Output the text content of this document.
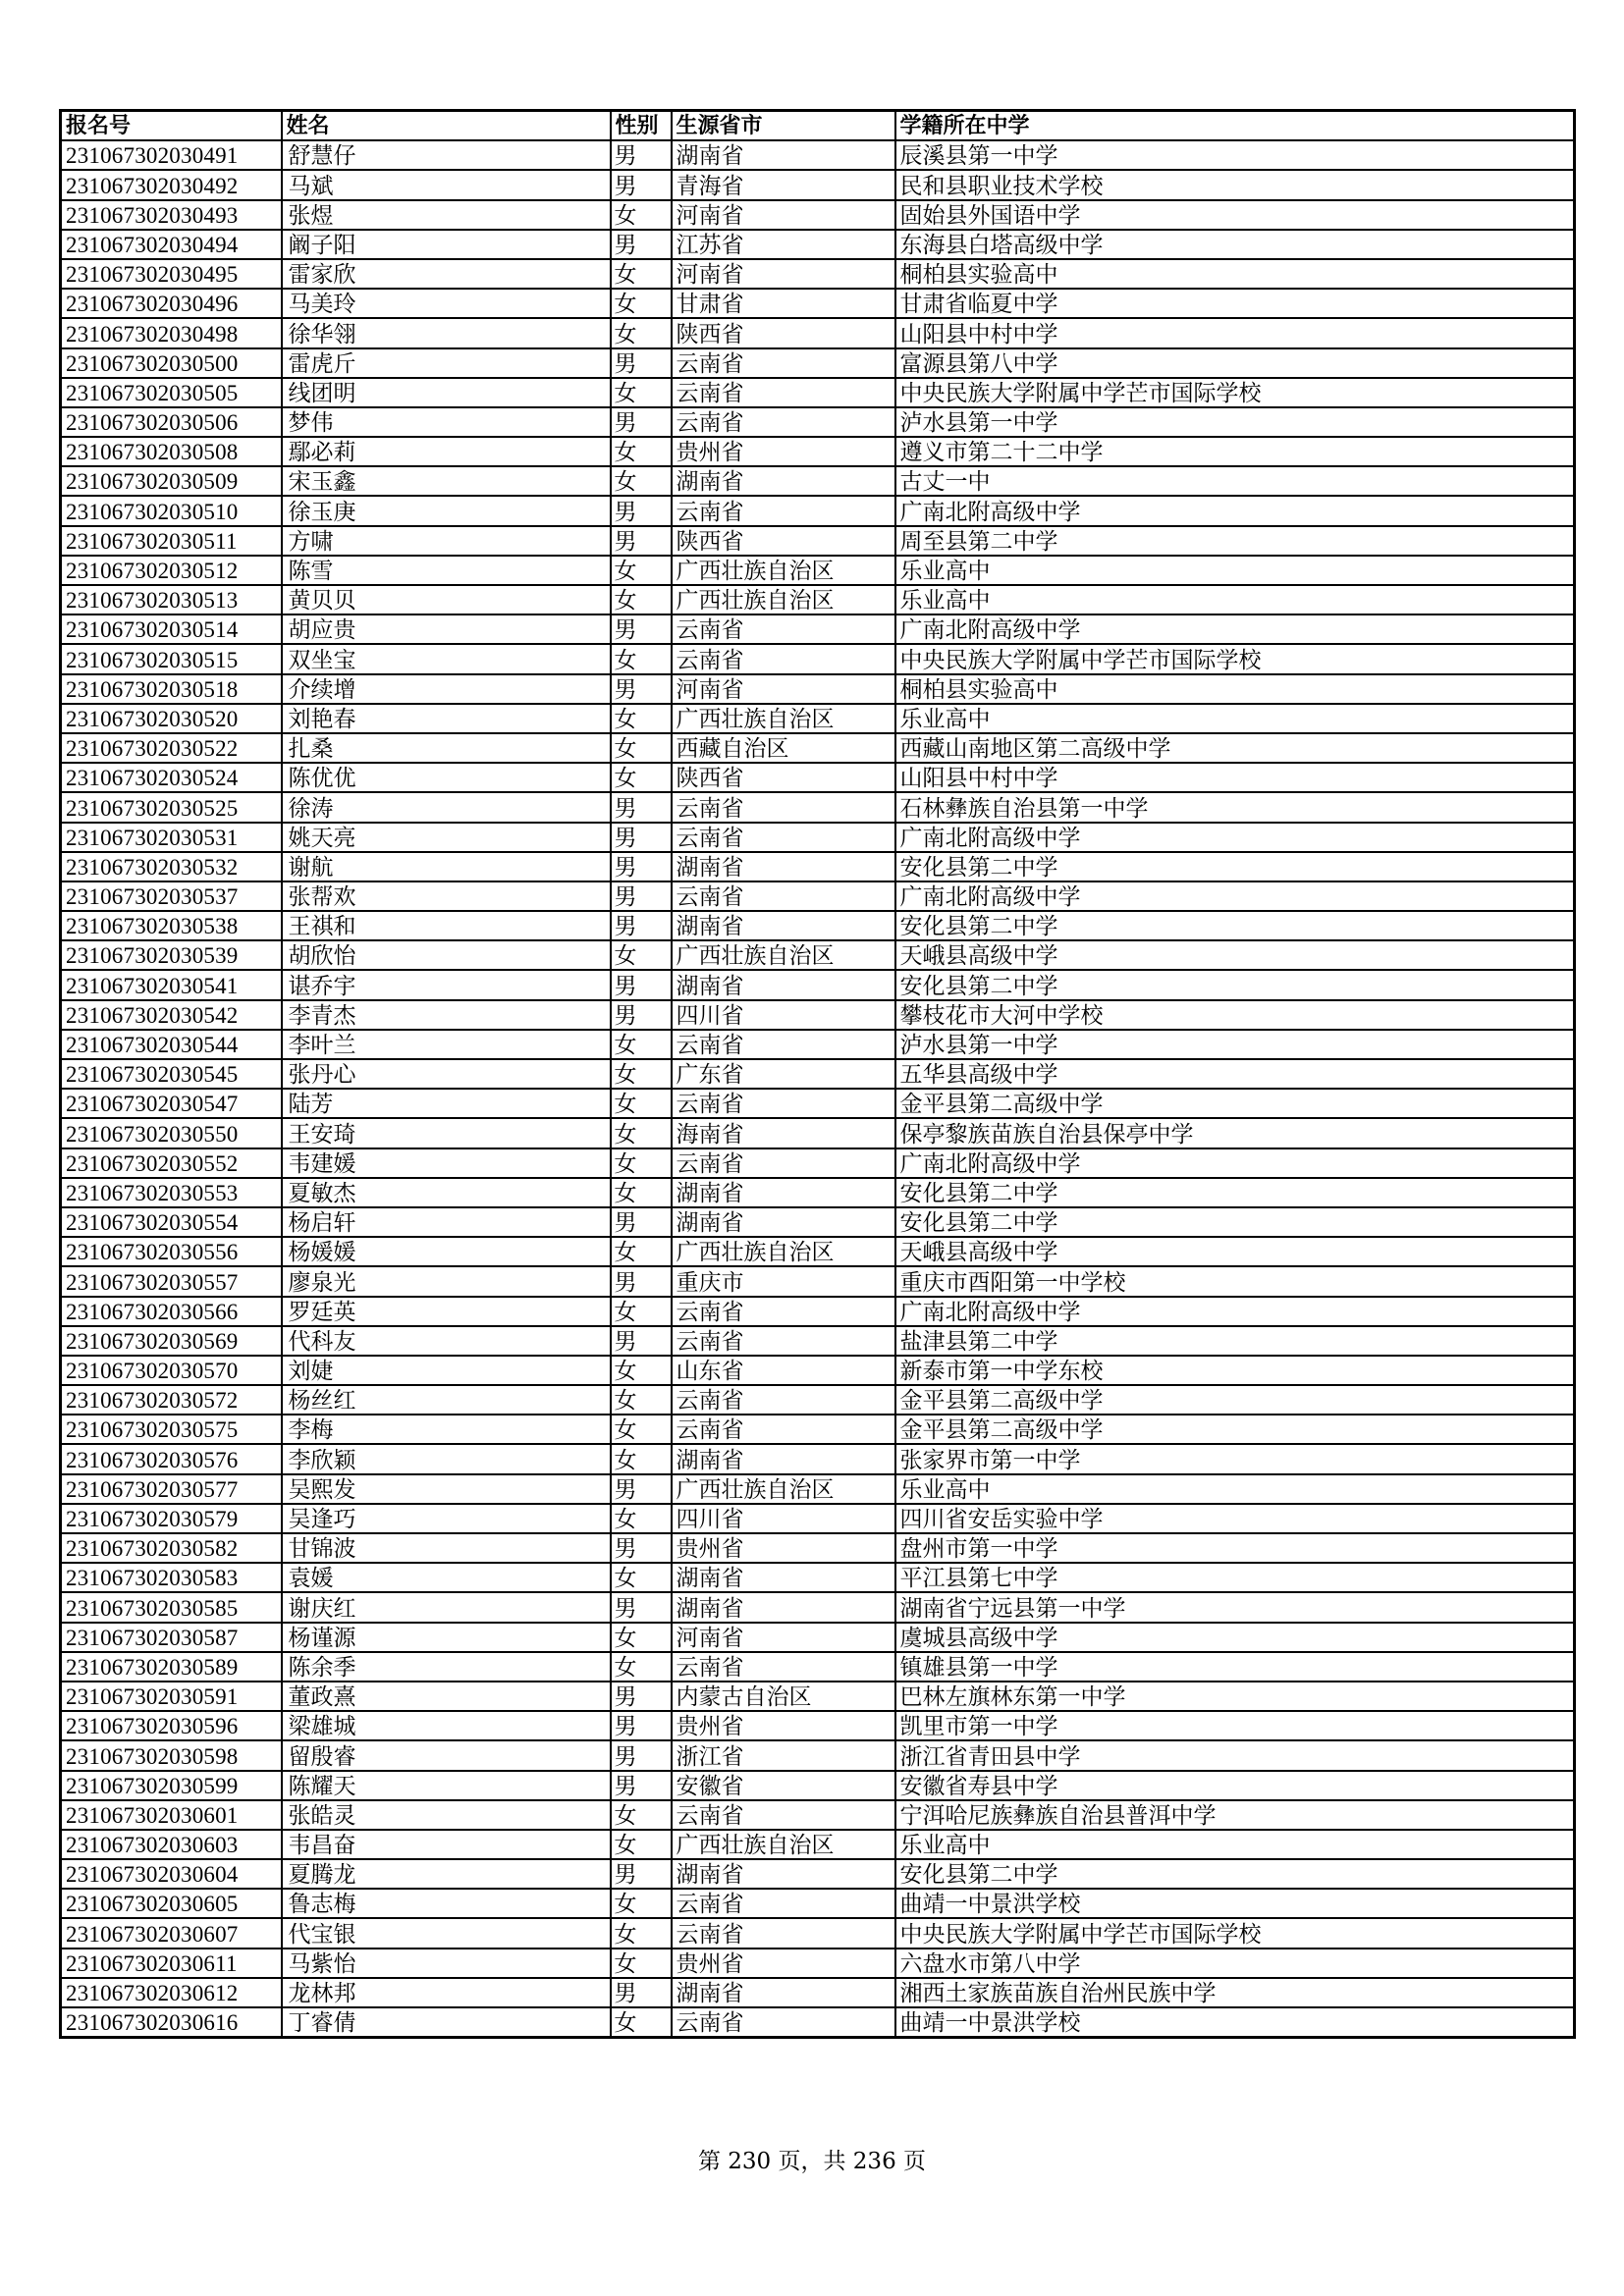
报名号	姓名	性别	生源省市	学籍所在中学
231067302030491	舒慧仔	男	湖南省	辰溪县第一中学
231067302030492	马斌	男	青海省	民和县职业技术学校
231067302030493	张煜	女	河南省	固始县外国语中学
231067302030494	阚子阳	男	江苏省	东海县白塔高级中学
231067302030495	雷家欣	女	河南省	桐柏县实验高中
231067302030496	马美玲	女	甘肃省	甘肃省临夏中学
231067302030498	徐华翎	女	陕西省	山阳县中村中学
231067302030500	雷虎斤	男	云南省	富源县第八中学
231067302030505	线团明	女	云南省	中央民族大学附属中学芒市国际学校
231067302030506	梦伟	男	云南省	泸水县第一中学
231067302030508	鄢必莉	女	贵州省	遵义市第二十二中学
231067302030509	宋玉鑫	女	湖南省	古丈一中
231067302030510	徐玉庚	男	云南省	广南北附高级中学
231067302030511	方啸	男	陕西省	周至县第二中学
231067302030512	陈雪	女	广西壮族自治区	乐业高中
231067302030513	黄贝贝	女	广西壮族自治区	乐业高中
231067302030514	胡应贵	男	云南省	广南北附高级中学
231067302030515	双坐宝	女	云南省	中央民族大学附属中学芒市国际学校
231067302030518	介续增	男	河南省	桐柏县实验高中
231067302030520	刘艳春	女	广西壮族自治区	乐业高中
231067302030522	扎桑	女	西藏自治区	西藏山南地区第二高级中学
231067302030524	陈优优	女	陕西省	山阳县中村中学
231067302030525	徐涛	男	云南省	石林彝族自治县第一中学
231067302030531	姚天亮	男	云南省	广南北附高级中学
231067302030532	谢航	男	湖南省	安化县第二中学
231067302030537	张帮欢	男	云南省	广南北附高级中学
231067302030538	王祺和	男	湖南省	安化县第二中学
231067302030539	胡欣怡	女	广西壮族自治区	天峨县高级中学
231067302030541	谌乔宇	男	湖南省	安化县第二中学
231067302030542	李青杰	男	四川省	攀枝花市大河中学校
231067302030544	李叶兰	女	云南省	泸水县第一中学
231067302030545	张丹心	女	广东省	五华县高级中学
231067302030547	陆芳	女	云南省	金平县第二高级中学
231067302030550	王安琦	女	海南省	保亭黎族苗族自治县保亭中学
231067302030552	韦建媛	女	云南省	广南北附高级中学
231067302030553	夏敏杰	女	湖南省	安化县第二中学
231067302030554	杨启轩	男	湖南省	安化县第二中学
231067302030556	杨媛媛	女	广西壮族自治区	天峨县高级中学
231067302030557	廖泉光	男	重庆市	重庆市酉阳第一中学校
231067302030566	罗廷英	女	云南省	广南北附高级中学
231067302030569	代科友	男	云南省	盐津县第二中学
231067302030570	刘婕	女	山东省	新泰市第一中学东校
231067302030572	杨丝红	女	云南省	金平县第二高级中学
231067302030575	李梅	女	云南省	金平县第二高级中学
231067302030576	李欣颖	女	湖南省	张家界市第一中学
231067302030577	吴熙发	男	广西壮族自治区	乐业高中
231067302030579	吴逢巧	女	四川省	四川省安岳实验中学
231067302030582	甘锦波	男	贵州省	盘州市第一中学
231067302030583	袁媛	女	湖南省	平江县第七中学
231067302030585	谢庆红	男	湖南省	湖南省宁远县第一中学
231067302030587	杨谨源	女	河南省	虞城县高级中学
231067302030589	陈余季	女	云南省	镇雄县第一中学
231067302030591	董政熹	男	内蒙古自治区	巴林左旗林东第一中学
231067302030596	梁雄城	男	贵州省	凯里市第一中学
231067302030598	留殷睿	男	浙江省	浙江省青田县中学
231067302030599	陈耀天	男	安徽省	安徽省寿县中学
231067302030601	张皓灵	女	云南省	宁洱哈尼族彝族自治县普洱中学
231067302030603	韦昌奋	女	广西壮族自治区	乐业高中
231067302030604	夏腾龙	男	湖南省	安化县第二中学
231067302030605	鲁志梅	女	云南省	曲靖一中景洪学校
231067302030607	代宝银	女	云南省	中央民族大学附属中学芒市国际学校
231067302030611	马紫怡	女	贵州省	六盘水市第八中学
231067302030612	龙林邦	男	湖南省	湘西土家族苗族自治州民族中学
231067302030616	丁睿倩	女	云南省	曲靖一中景洪学校
第 230 页，共 236 页
